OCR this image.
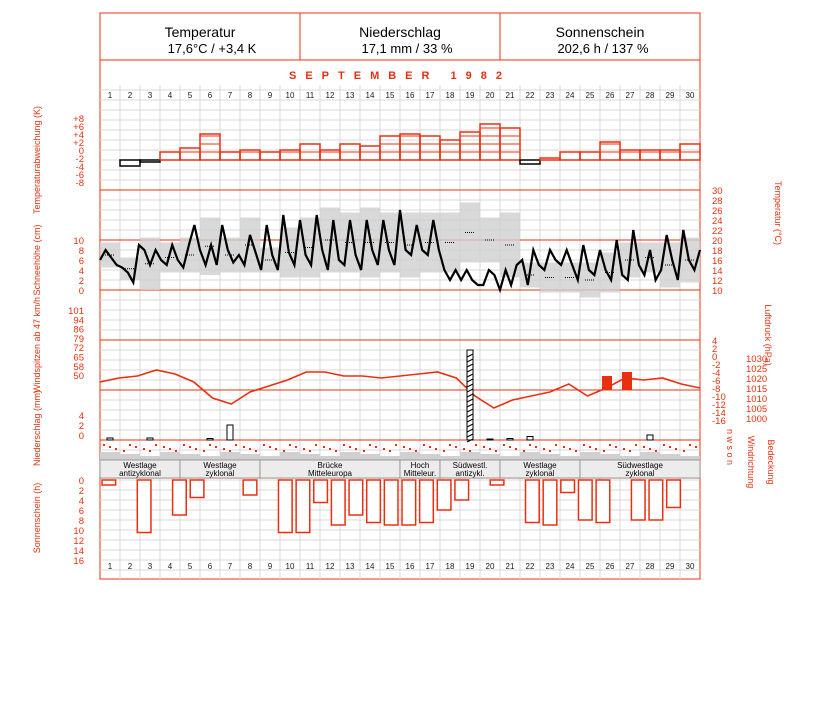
Temperatur
17,6°C / +3,4 K
Niederschlag
17,1 mm / 33 %
Sonnenschein
202,6 h / 137 %
SEPTEMBER 1982
1
1
2
2
3
3
4
4
5
5
6
6
7
7
8
8
9
9
10
10
11
11
12
12
13
13
14
14
15
15
16
16
17
17
18
18
19
19
20
20
21
21
22
22
23
23
24
24
25
25
26
26
27
27
28
28
29
29
30
30
+8
+6
+4
+2
0
-2
-4
-6
-8
10
8
6
4
2
0
101
94
86
79
72
65
58
50
4
2
0
0
2
4
6
8
10
12
14
16
30
28
26
24
22
20
18
16
14
12
10
4
2
0
-2
-4
-6
-8
-10
-12
-14
-16
1030
1025
1020
1015
1010
1005
1000
Westlage
antizyklonal
Westlage
zyklonal
Brücke
Mitteleuropa
Hoch
Mitteleur.
Südwestl.
antizykl.
Westlage
zyklonal
Südwestlage
zyklonal
Temperaturabweichung (K)
Schneehöhe (cm)
Windspitzen ab 47 km/h
Niederschlag (mm)
Sonnenschein (h)
Temperatur (°C)
Luftdruck (hPa)
Windrichtung Bedeckung
n w s o n
